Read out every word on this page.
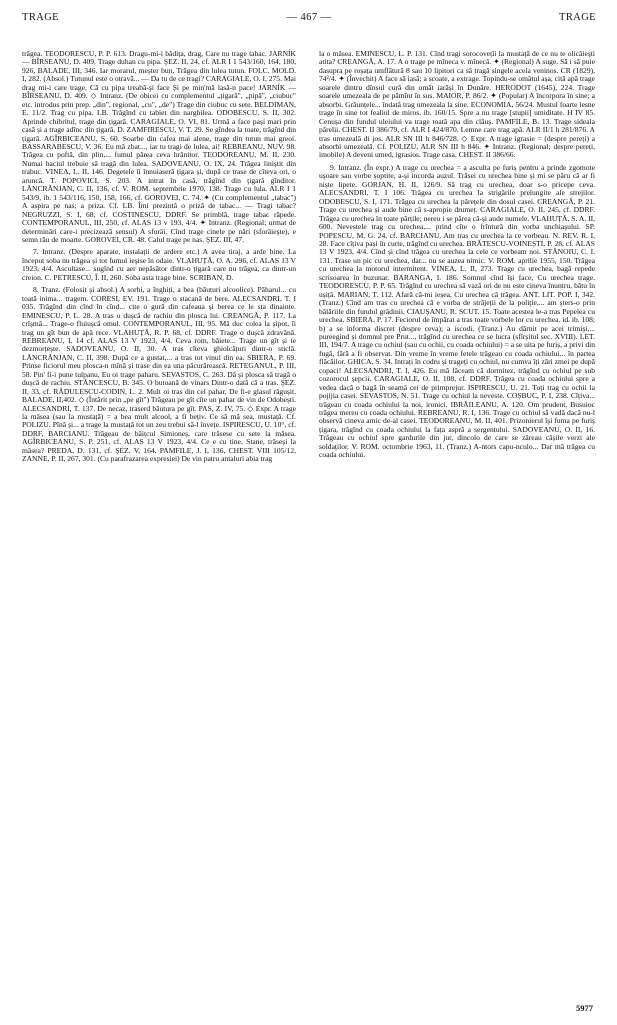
TRAGE	— 467 —	TRAGE

trăgea. TEODORESCU, P. P. 613. Dragu-mi-i bădița, drag, Care nu trage tabac. JARNÍK — BÎRSEANU, D. 409. Trage duhan cu pipa. ŞEZ. II, 24, cf. ALR I 1 543/160, 164, 180, 926, BALADE, III, 346. Iar morarul, meșter bun, Trăgea din lulea tutun. FOLC. MOLD. I, 282. (Absol.) Tutunul este o otravă... — Da tu de ce tragi? CARAGIALE, O. I, 275. Mai drag mi-i care trage, Că cu pipa treabă-și face Și pe min'mă lasă-n pace! JARNÍK — BÎRSEANU, D. 409. ◇ Intranz. (De obicei cu complementul „țigară", „pipă", „ciubuc" etc. introdus prin prep. „din", regional, „cu", „de") Trage din ciubuc cu sete. BELDIMAN, E. 11/2. Trag cu pipa. LB. Trăgînd cu tabiet din narghilea. ODOBESCU, S. II, 302. Aprinde chibritul, trage din țigară. CARAGIALE, O. VI, 81. Urmă a face pași mari prin casă și a trage adînc din țigară. D. ZAMFIRESCU, V. T. 29. Se gîndea la toate, trăgînd din țigară. AGÎRBICEANU, S. 60. Soarbe din cafea mai alene, trage din tutun mai greoi. BASSARABESCU, V. 36. Eu mă zbat..., iar tu tragi de lulea, ai! REBREANU, NUV. 98. Trăgea cu poftă, din plin,... fumul pârea ceva hrănitor. TEODOREANU, M. II, 230. Numai baciul trebuie să tragă din lulea. SADOVEANU, O. IX, 24. Trăgea liniștit din trabuc. VINEA, L. II, 146. Degetele îi înnuiaseră țigara și, după ce trase de cîteva ori, o aruncă. T. POPOVICI, S. 203. A intrat în casă, trăgînd din țigară gînditor. LĂNCRĂNJAN, C. II, 136, cf. V. ROM. septembrie 1970, 138. Trage cu lula. ALR I 1 543/9, ib. 1 543/116, 150, 158, 166, cf. GOROVEI, C. 74. ✦ (Cu complementul „tabac") A aspira pe nas; a priza. Cf. LB. Îmi prezintă o priză de tabac... — Tragi tabac? NEGRUZZI, S. I, 68, cf. COSTINESCU, DDRF. Se primblă, trage tabac răpede. CONTEMPORANUL, III, 250, cf. ALAS 13 v 193, 4/4. ✦ Intranz. (Regional; urmat de determinări care-i precizează sensul) A sforăi. Cînd trage cinele pe nări (sforăiește), e semn rău de moarte. GOROVEI, CR. 48. Calul trage pe nas. ŞEZ. III, 47.

7. Intranz. (Despre aparate, instalații de ardere etc.) A avea tiraj, a arde bine. La început soba nu trăgea și tot fumul ieșise în odaie. VLAHUȚĂ, O. A. 296, cf. ALAS 13 V 1923, 4/4. Ascultase... sugînd cu aer nepăsător dintr-o țigară care nu trăgea, ca dintr-un creion. C. PETRESCU, Î. II, 260. Soba asta trage bine. SCRIBAN, D.

8. Tranz. (Folosit și absol.) A sorbi, a înghiți, a bea (băuturi alcoolice). Păharul... cu toată inima... tragem. CORESI, EV. 191. Trage o stacană de bere. ALECSANDRI, T. I 035. Trăgînd din cînd în cînd... cite o gură din cafeaua și berea ce le sta dinainte. EMINESCU, P. L. 28. A tras o dușcă de rachiu din plosca lui. CREANGĂ, P. 117. La crîșmă... Trage-o fluiușcă omul. CONTEMPORANUL, III, 95. Mă duc colea la șipot, îi trag un gît bun de apă rece. VLAHUȚĂ, R. P. 68, cf. DDRF. Trage o dușcă zdravănă. REBREANU, I. 14 cf. ALAS 13 V 1923, 4/4. Ceva rom, băiete... Trage un gît și te dezmorțește. SADOVEANU, O. II, 30. A tras cîteva ghiolcățuri dintr-o sticlă. LĂNCRĂNJAN, C. II, 398. După ce a gustat,... a tras tot vinul din ea. SBIERA, P. 69. Prinse ficiorul meu plosca-n mînă și trase din ea una păcurărească. RETEGANUL, P. III, 58. Pin' fi-i pune tulpanu, Eu oi trage paharu. SEVASTOS, C. 263. Dă și plosca să tragă o dușcă de rachiu. STĂNCESCU, B. 345. O butoană de vinars Dintr-o dată că a tras. ŞEZ. II, 33, cf. RĂDULESCU-CODIN, L. 2. Mult oi tras din cel pahar, De fi-e glasul răgușit. BALADE, II,402. ◇ (Întărit prin „pe gît") Trăgeau pe gît cîte un pahar de vin de Odobești. ALECSANDRI, T. 137. De necaz, traserd băutura pe gît. PAS, Z. IV, 75. ◇ Expr. A trage la măsea (sau la mustață) = a bea mult alcool, a fi bețiv. Ce să mă sea, mustață. Cf. POLIZU. Pînă și... a trage la mustață tot un zeu trebui să-l învețe. ISPIRESCU, U. 10°, cf. DDRF, BARCIANU. Trăgeau de băițcul Simioneș, care trăsese cu sete la măsea. AGÎRBICEANU, S. P. 251, cf. ALAS 13 V 1923, 4/4. Ce e cu tine, Stane, trăseși la măsea? PREDA, D. 131, cf. ŞEZ. V, 164, PAMFILE, J. I, 136, CHEST. VIII 105/12, ZANNE, P. II, 267, 301. (Cu parafrazarea expresiei) De vin patru antaluri abia trag

la o măsea. EMINESCU, L. P. 131. Cînd tragi sorocovețîi la mustață de ce nu te olicăiești atita? CREANGĂ, A. 17. A o trage pe mîneca v. mînecă. ✦ (Regional) A suge. Să i să puie dasupra pe roșața umflătură 8 sau 10 lipitori ca să tragă singele acela veninos. CR (1829), 74²/4. ✦ (Învechit) A face să iasă; a scoate, a extrage. Topindu-se omătul așa, cită apă trage soarele dintru dînsul cură din omăt iarăși în Dunăre. HERODOT (1645), 224. Trage soarele umezeala de pe pămînt în sus. MAIOR, P. 86/2. ✦ (Popular) A încorpora în sine; a absorbi. Grăunțele... îndată trag umezeala la sine. ECONOMIA, 56/24. Mustul foarte lesne trage în sine tot fealiul de miros. ib. 160/15. Spre a nu trage [stupii] umiditate. H IV 85. Cenușa din fundul uleiului va trage toată apa din clăuș. PAMFILE, B. 13. Trage sideala părelii. CHEST. II 386/79, cf. ALR I 424/870. Lemne care trag apă. ALR II/1 h 281/876. A tras umezeală di jos. ALR SN III h 846/728. ◇ Expr. A trage igrasie = (despre pereți) a absorbi umezeală. Cf. POLIZU, ALR SN III h 846. ✦ Intranz. (Regional; despre pereți, imobile) A deveni umed, igrasios. Trage casa. CHEST. II 386/66.

9. Intranz. (În expr.) A trage cu urechea = a asculta pe furiș pentru a prinde zgomote ușoare sau vorbe șoptite, a-și incorda auzul. Trăsei cu urechea bine și mi se păru că ar fi niște lipete. GORJAN, H. II, 126/9. Să trag cu urechea, doar s-o pricepe ceva. ALECSANDRI, T. I 106. Trăgea cu urechea la strigările prelungite ale strejilor. ODOBESCU, S. I, 171. Trăgea cu urechea la părețele din dosul casei. CREANGĂ, P. 21. Trage cu urechea și aude bine că s-apropie drumeț. CARAGIALE, O. II, 245, cf. DDRF. Trăgea cu urechea în toate părțile; nereu i se părea că-și aude numele. VLAHUȚĂ, S. A. II, 600. Nevestele trag cu urechea,... prind cîte o frîntură din vorba unchiașului. SP. POPESCU, M. G. 24, cf. BARCIANU. Am tras cu urechea la ce vorbeau. N. REV. R. I, 28. Face cîțiva pași în curte, trăgînd cu urechea. BRĂTESCU-VOINEȘTI, P. 28, cf. ALAS 13 V 1923, 4/4. Cînd și cînd trăgea cu urechea la cele ce vorbeam noi. STĂNOIU, C. I. 131. Trase un pic cu urechea, dar... nu se auzea nimic. V. ROM. aprilie 1955, 150. Trăgea cu urechea la motorul intermitent. VINEA, L. II, 273. Trage cu urechea, bagă repede scrisoarea în buzunar. BARANGA, I. 186. Somnul cînd își face, Cu urechea trage. TEODORESCU, P. P. 65. Trăgînd cu urechea să vază ori de nu este cineva înuntru, bătu în ușiță. MARIAN, T. 112. Afară că-mi ieșea, Cu urechea că trăgea. ANT. LIT. POP. I, 342. (Tranz.) Cînd am tras cu urechea că e vorba de străjeții de la poliție,... am șters-o prin bălăriile din fundul grădinii. CIAUȘANU, R. SCUT. 15. Toate acestea le-a tras Pepelea cu urechea. SBIERA, P. 17. Feciorul de împărat a tras toate vorbele lor cu urechea. id. ib. 108; b) a se informa discret (despre ceva); a iscodi. (Tranz.) Au dărnit pe acei trimiși,... pureegind și domnul pre Prut..., trăgînd cu urechea ce se lucra (sfîrșitul sec. XVIII). LET. III, 194/7. A trage cu ochiul (sau cu ochii, cu coada ochiului) = a se uita pe furiș, a privi din fugă, fără a fi observat. Din vreme în vreme fetele trăgeau cu coada ochiului... în partea flăcăilor. GHICA, S. 34. Intrați în codru și trageți cu ochiul, nu cumva îți zări zmei pe după copaci! ALECSANDRI, T. I, 426. Eu mă făceam că dormitez, trăgînd cu ochiul pe sub cozorocul șepcii. CARAGIALE, O. II, 108, cf. DDRF. Trăgea cu coada ochiului spre a vedea dacă o bagă în seamă cei de primprejur. ISPIRESCU, U. 21. Toți trag cu ochii la pojijia casei. SEVASTOS, N. 51. Trage cu ochiul la neveste. COȘBUC, P. I, 238. Cîțiva... trăgeau cu coada ochiului la noi, ironici. IBRĂILEANU, A. 120. Om prudent, Busuioc trăgea mereu cu coada ochiului. REBREANU, R. I, 136. Trage cu ochiul să vadă dacă nu-l observă cineva amic de-al casei. TEODOREANU, M. II, 401. Prizonierul își fuma pe furiș țigara, trăgînd cu coada ochiului la fața aspră a sergentului. SADOVEANU, O. II, 16. Trăgeau cu ochiul spre gardurile din jur, dincolo de care se zăreau cășile verzi ale soldaților. V. ROM. octombrie 1963, 11. (Tranz.) A-ntors capu-nculo... Dar mă trăgea cu coada ochiului.

5977
